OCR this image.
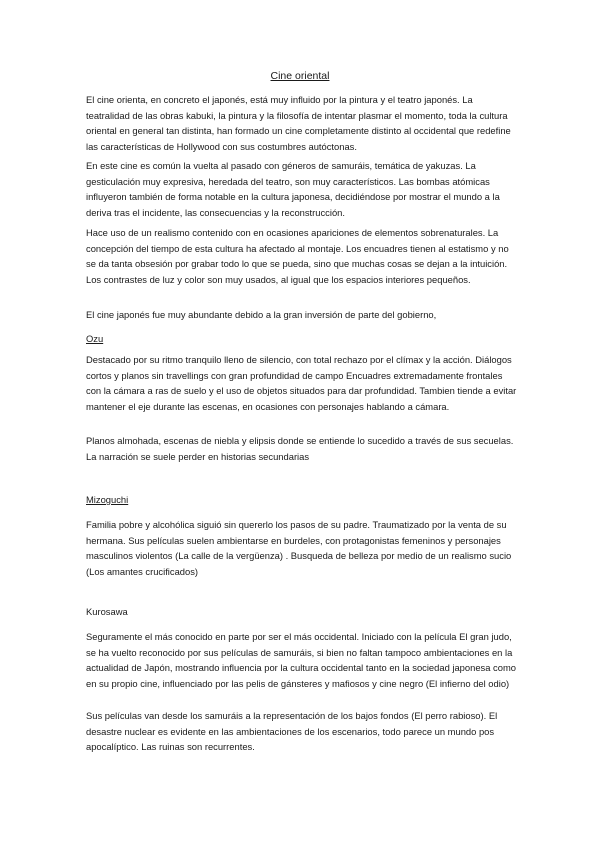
Cine oriental

El cine orienta, en concreto el japonés, está muy influido por la pintura y el teatro japonés. La teatralidad de las obras kabuki, la pintura y la filosofía de intentar plasmar el momento, toda la cultura oriental en general tan distinta, han formado un cine completamente distinto al occidental que redefine las características de Hollywood con sus costumbres autóctonas.

En este cine es común la vuelta al pasado con géneros de samuráis, temática de yakuzas. La gesticulación muy expresiva, heredada del teatro, son muy característicos. Las bombas atómicas influyeron también de forma notable en la cultura japonesa, decidiéndose por mostrar el mundo a la deriva tras el incidente, las consecuencias y la reconstrucción.

Hace uso de un realismo contenido con en ocasiones apariciones de elementos sobrenaturales. La concepción del tiempo de esta cultura ha afectado al montaje. Los encuadres tienen al estatismo y no se da tanta obsesión por grabar todo lo que se pueda, sino que muchas cosas se dejan a la intuición. Los contrastes de luz y color son muy usados, al igual que los espacios interiores pequeños.

El cine japonés fue muy abundante debido a la gran inversión de parte del gobierno,

Ozu

Destacado por su ritmo tranquilo lleno de silencio, con total rechazo por el clímax y la acción. Diálogos cortos y planos sin travellings con gran profundidad de campo Encuadres extremadamente frontales con la cámara a ras de suelo y el uso de objetos situados para dar profundidad. Tambien tiende a evitar mantener el eje durante las escenas, en ocasiones con personajes hablando a cámara.

Planos almohada, escenas de niebla y elipsis donde se entiende lo sucedido a través de sus secuelas. La narración se suele perder en historias secundarias

Mizoguchi

Familia pobre y alcohólica siguió sin quererlo los pasos de su padre. Traumatizado por la venta de su hermana. Sus películas suelen ambientarse en burdeles, con protagonistas femeninos y personajes masculinos violentos (La calle de la vergüenza) . Busqueda de belleza por medio de un realismo sucio (Los amantes crucificados)

Kurosawa

Seguramente el más conocido en parte por ser el más occidental. Iniciado con la película El gran judo, se ha vuelto reconocido por sus películas de samuráis, si bien no faltan tampoco ambientaciones en la actualidad de Japón, mostrando influencia por la cultura occidental tanto en la sociedad japonesa como en su propio cine, influenciado por las pelis de gánsteres y mafiosos y cine negro (El infierno del odio)

Sus películas van desde los samuráis a la representación de los bajos fondos (El perro rabioso). El desastre nuclear es evidente en las ambientaciones de los escenarios, todo parece un mundo pos apocalíptico. Las ruinas son recurrentes.
